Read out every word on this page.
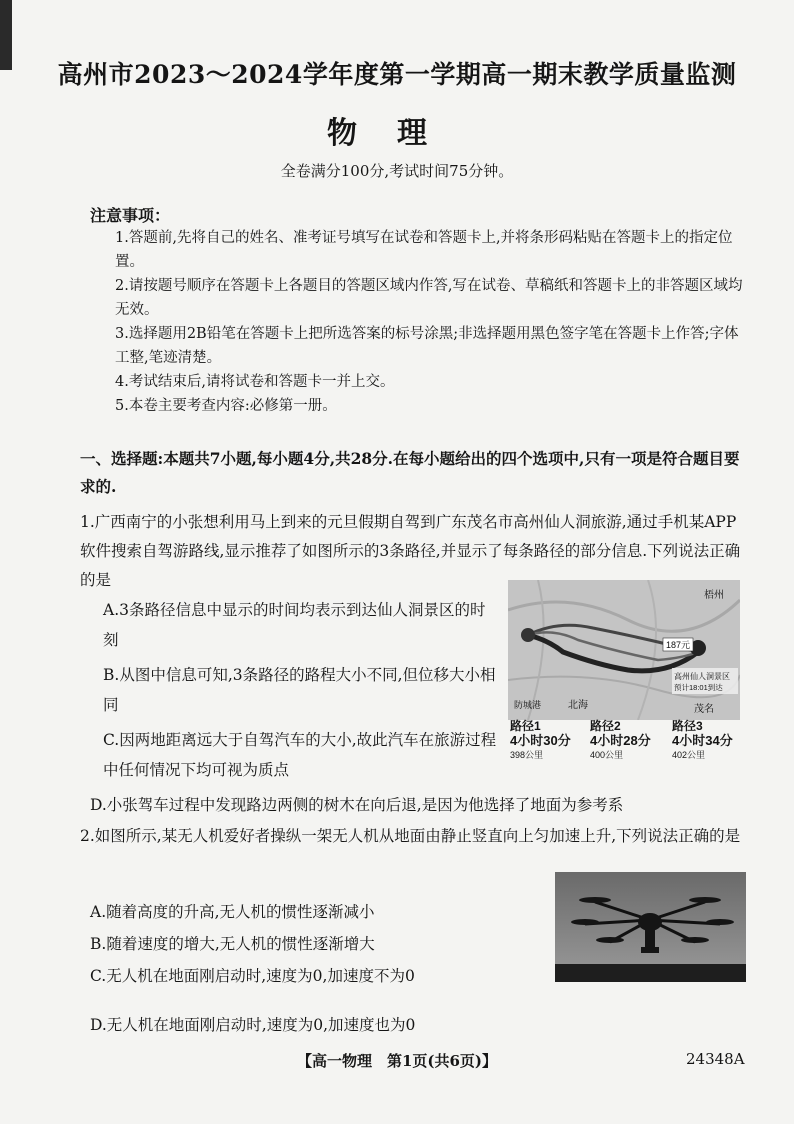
高州市2023～2024学年度第一学期高一期末教学质量监测
物理
全卷满分100分,考试时间75分钟。
注意事项：
1.答题前,先将自己的姓名、准考证号填写在试卷和答题卡上,并将条形码粘贴在答题卡上的指定位置。
2.请按题号顺序在答题卡上各题目的答题区域内作答,写在试卷、草稿纸和答题卡上的非答题区域均无效。
3.选择题用2B铅笔在答题卡上把所选答案的标号涂黑;非选择题用黑色签字笔在答题卡上作答;字体工整,笔迹清楚。
4.考试结束后,请将试卷和答题卡一并上交。
5.本卷主要考查内容:必修第一册。
一、选择题:本题共7小题,每小题4分,共28分.在每小题给出的四个选项中,只有一项是符合题目要求的.
1.广西南宁的小张想利用马上到来的元旦假期自驾到广东茂名市高州仙人洞旅游,通过手机某APP软件搜索自驾游路线,显示推荐了如图所示的3条路径,并显示了每条路径的部分信息.下列说法正确的是
A.3条路径信息中显示的时间均表示到达仙人洞景区的时刻
B.从图中信息可知,3条路径的路程大小不同,但位移大小相同
C.因两地距离远大于自驾汽车的大小,故此汽车在旅游过程中任何情况下均可视为质点
D.小张驾车过程中发现路边两侧的树木在向后退,是因为他选择了地面为参考系
梧州
北海
防城港	茂名
187元
高州仙人洞景区
预计18:01到达
路径1
4小时30分
398公里
路径2
4小时28分
400公里
路径3
4小时34分
402公里
2.如图所示,某无人机爱好者操纵一架无人机从地面由静止竖直向上匀加速上升,下列说法正确的是
A.随着高度的升高,无人机的惯性逐渐减小
B.随着速度的增大,无人机的惯性逐渐增大
C.无人机在地面刚启动时,速度为0,加速度不为0
D.无人机在地面刚启动时,速度为0,加速度也为0
【高一物理　第1页(共6页)】	24348A
